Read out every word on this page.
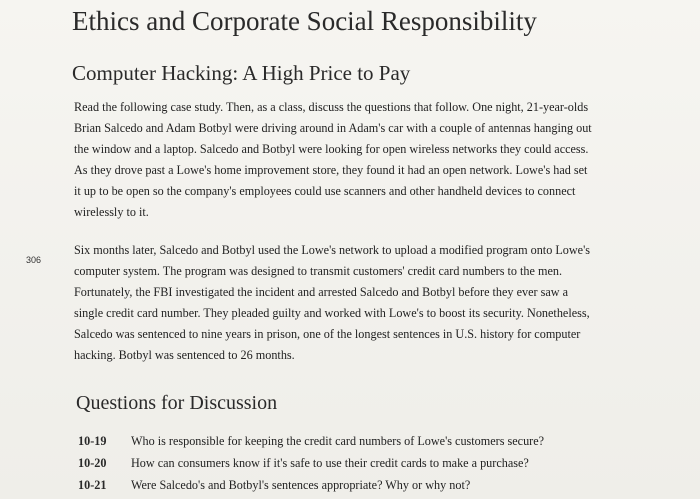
Ethics and Corporate Social Responsibility
Computer Hacking: A High Price to Pay

Read the following case study. Then, as a class, discuss the questions that follow. One night, 21-year-olds Brian Salcedo and Adam Botbyl were driving around in Adam's car with a couple of antennas hanging out the window and a laptop. Salcedo and Botbyl were looking for open wireless networks they could access. As they drove past a Lowe's home improvement store, they found it had an open network. Lowe's had set it up to be open so the company's employees could use scanners and other handheld devices to connect wirelessly to it.

306

Six months later, Salcedo and Botbyl used the Lowe's network to upload a modified program onto Lowe's computer system. The program was designed to transmit customers' credit card numbers to the men. Fortunately, the FBI investigated the incident and arrested Salcedo and Botbyl before they ever saw a single credit card number. They pleaded guilty and worked with Lowe's to boost its security. Nonetheless, Salcedo was sentenced to nine years in prison, one of the longest sentences in U.S. history for computer hacking. Botbyl was sentenced to 26 months.

Questions for Discussion
10-19	Who is responsible for keeping the credit card numbers of Lowe's customers secure?
10-20	How can consumers know if it's safe to use their credit cards to make a purchase?
10-21	Were Salcedo's and Botbyl's sentences appropriate? Why or why not?
